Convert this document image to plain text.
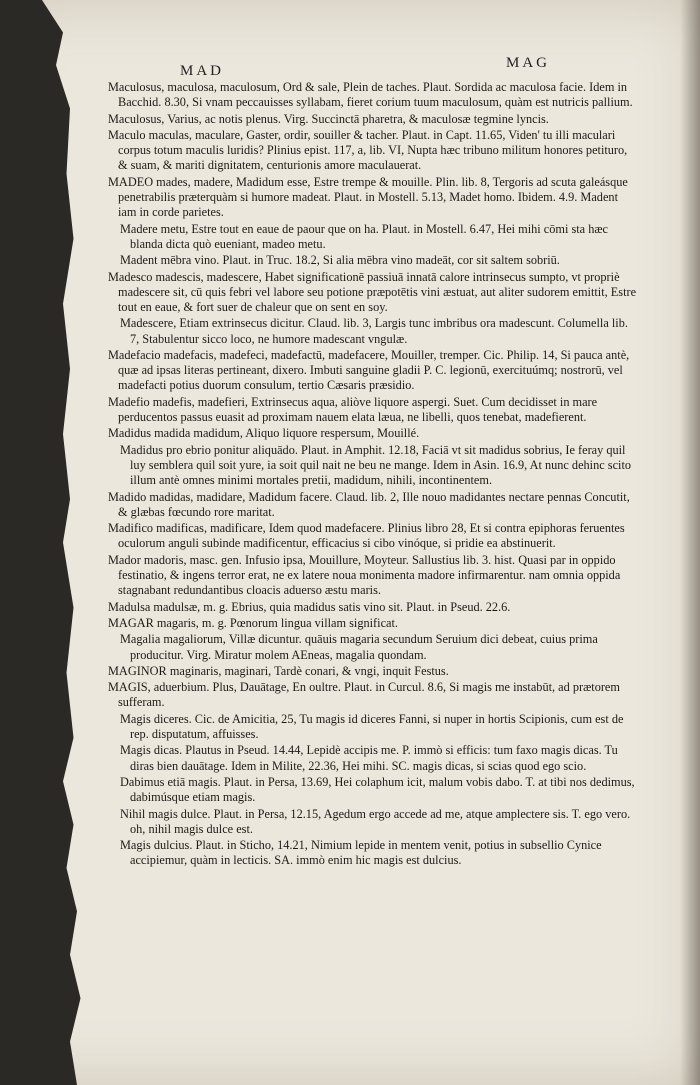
MAD	MAG

Maculosus, maculosa, maculosum, Ord & sale, Plein de taches. Plaut. Sordida ac maculosa facie. Idem in Bacchid. 8.30, Si vnam peccauisses syllabam, fieret corium tuum maculosum, quàm est nutricis pallium.

Maculosus, Varius, ac notis plenus. Virg. Succinctā pharetra, & maculosæ tegmine lyncis.

Maculo maculas, maculare, Gaster, ordir, souiller & tacher. Plaut. in Capt. 11.65, Viden' tu illi maculari corpus totum maculis luridis? Plinius epist. 117, a, lib. VI, Nupta hæc tribuno militum honores petituro, & suam, & mariti dignitatem, centurionis amore maculauerat.

MADEO mades, madere, Madidum esse, Estre trempe & mouille. Plin. lib. 8, Tergoris ad scuta galeásque penetrabilis præterquàm si humore madeat. Plaut. in Mostell. 5.13, Madet homo. Ibidem. 4.9. Madent iam in corde parietes.

Madere metu, Estre tout en eaue de paour que on ha. Plaut. in Mostell. 6.47, Hei mihi cōmi sta hæc blanda dicta quò eueniant, madeo metu.

Madent mēbra vino. Plaut. in Truc. 18.2, Si alia mēbra vino madeāt, cor sit saltem sobriū.

Madesco madescis, madescere, Habet significationē passiuā innatā calore intrinsecus sumpto, vt propriè madescere sit, cū quis febri vel labore seu potione præpotētis vini æstuat, aut aliter sudorem emittit, Estre tout en eaue, & fort suer de chaleur que on sent en soy.

Madescere, Etiam extrinsecus dicitur. Claud. lib. 3, Largis tunc imbribus ora madescunt. Columella lib. 7, Stabulentur sicco loco, ne humore madescant vngulæ.

Madefacio madefacis, madefeci, madefactū, madefacere, Mouiller, tremper. Cic. Philip. 14, Si pauca antè, quæ ad ipsas literas pertineant, dixero. Imbuti sanguine gladii P. C. legionū, exercituúmq; nostrorū, vel madefacti potius duorum consulum, tertio Cæsaris præsidio.

Madefio madefis, madefieri, Extrinsecus aqua, aliòve liquore aspergi. Suet. Cum decidisset in mare perducentos passus euasit ad proximam nauem elata læua, ne libelli, quos tenebat, madefierent.

Madidus madida madidum, Aliquo liquore respersum, Mouillé.

Madidus pro ebrio ponitur aliquādo. Plaut. in Amphit. 12.18, Faciā vt sit madidus sobrius, Ie feray quil luy semblera quil soit yure, ia soit quil nait ne beu ne mange. Idem in Asin. 16.9, At nunc dehinc scito illum antè omnes minimi mortales pretii, madidum, nihili, incontinentem.

Madido madidas, madidare, Madidum facere. Claud. lib. 2, Ille nouo madidantes nectare pennas Concutit, & glæbas fœcundo rore maritat.

Madifico madificas, madificare, Idem quod madefacere. Plinius libro 28, Et si contra epiphoras feruentes oculorum anguli subinde madificentur, efficacius si cibo vinóque, si pridie ea abstinuerit.

Mador madoris, masc. gen. Infusio ipsa, Mouillure, Moyteur. Sallustius lib. 3. hist. Quasi par in oppido festinatio, & ingens terror erat, ne ex latere noua monimenta madore infirmarentur. nam omnia oppida stagnabant redundantibus cloacis aduerso æstu maris.

Madulsa madulsæ, m. g. Ebrius, quia madidus satis vino sit. Plaut. in Pseud. 22.6.

MAGAR magaris, m. g. Pœnorum lingua villam significat.

Magalia magaliorum, Villæ dicuntur. quāuis magaria secundum Seruium dici debeat, cuius prima producitur. Virg. Miratur molem AEneas, magalia quondam.

MAGINOR maginaris, maginari, Tardè conari, & vngi, inquit Festus.

MAGIS, aduerbium. Plus, Dauātage, En oultre. Plaut. in Curcul. 8.6, Si magis me instabūt, ad prætorem sufferam.

Magis diceres. Cic. de Amicitia, 25, Tu magis id diceres Fanni, si nuper in hortis Scipionis, cum est de rep. disputatum, affuisses.

Magis dicas. Plautus in Pseud. 14.44, Lepidè accipis me. P. immò si efficis: tum faxo magis dicas. Tu diras bien dauātage. Idem in Milite, 22.36, Hei mihi. SC. magis dicas, si scias quod ego scio.

Dabimus etiā magis. Plaut. in Persa, 13.69, Hei colaphum icit, malum vobis dabo. T. at tibi nos dedimus, dabimúsque etiam magis.

Nihil magis dulce. Plaut. in Persa, 12.15, Agedum ergo accede ad me, atque amplectere sis. T. ego vero. oh, nihil magis dulce est.

Magis dulcius. Plaut. in Sticho, 14.21, Nimium lepide in mentem venit, potius in subsellio Cynice accipiemur, quàm in lecticis. SA. immò enim hic magis est dulcius.
